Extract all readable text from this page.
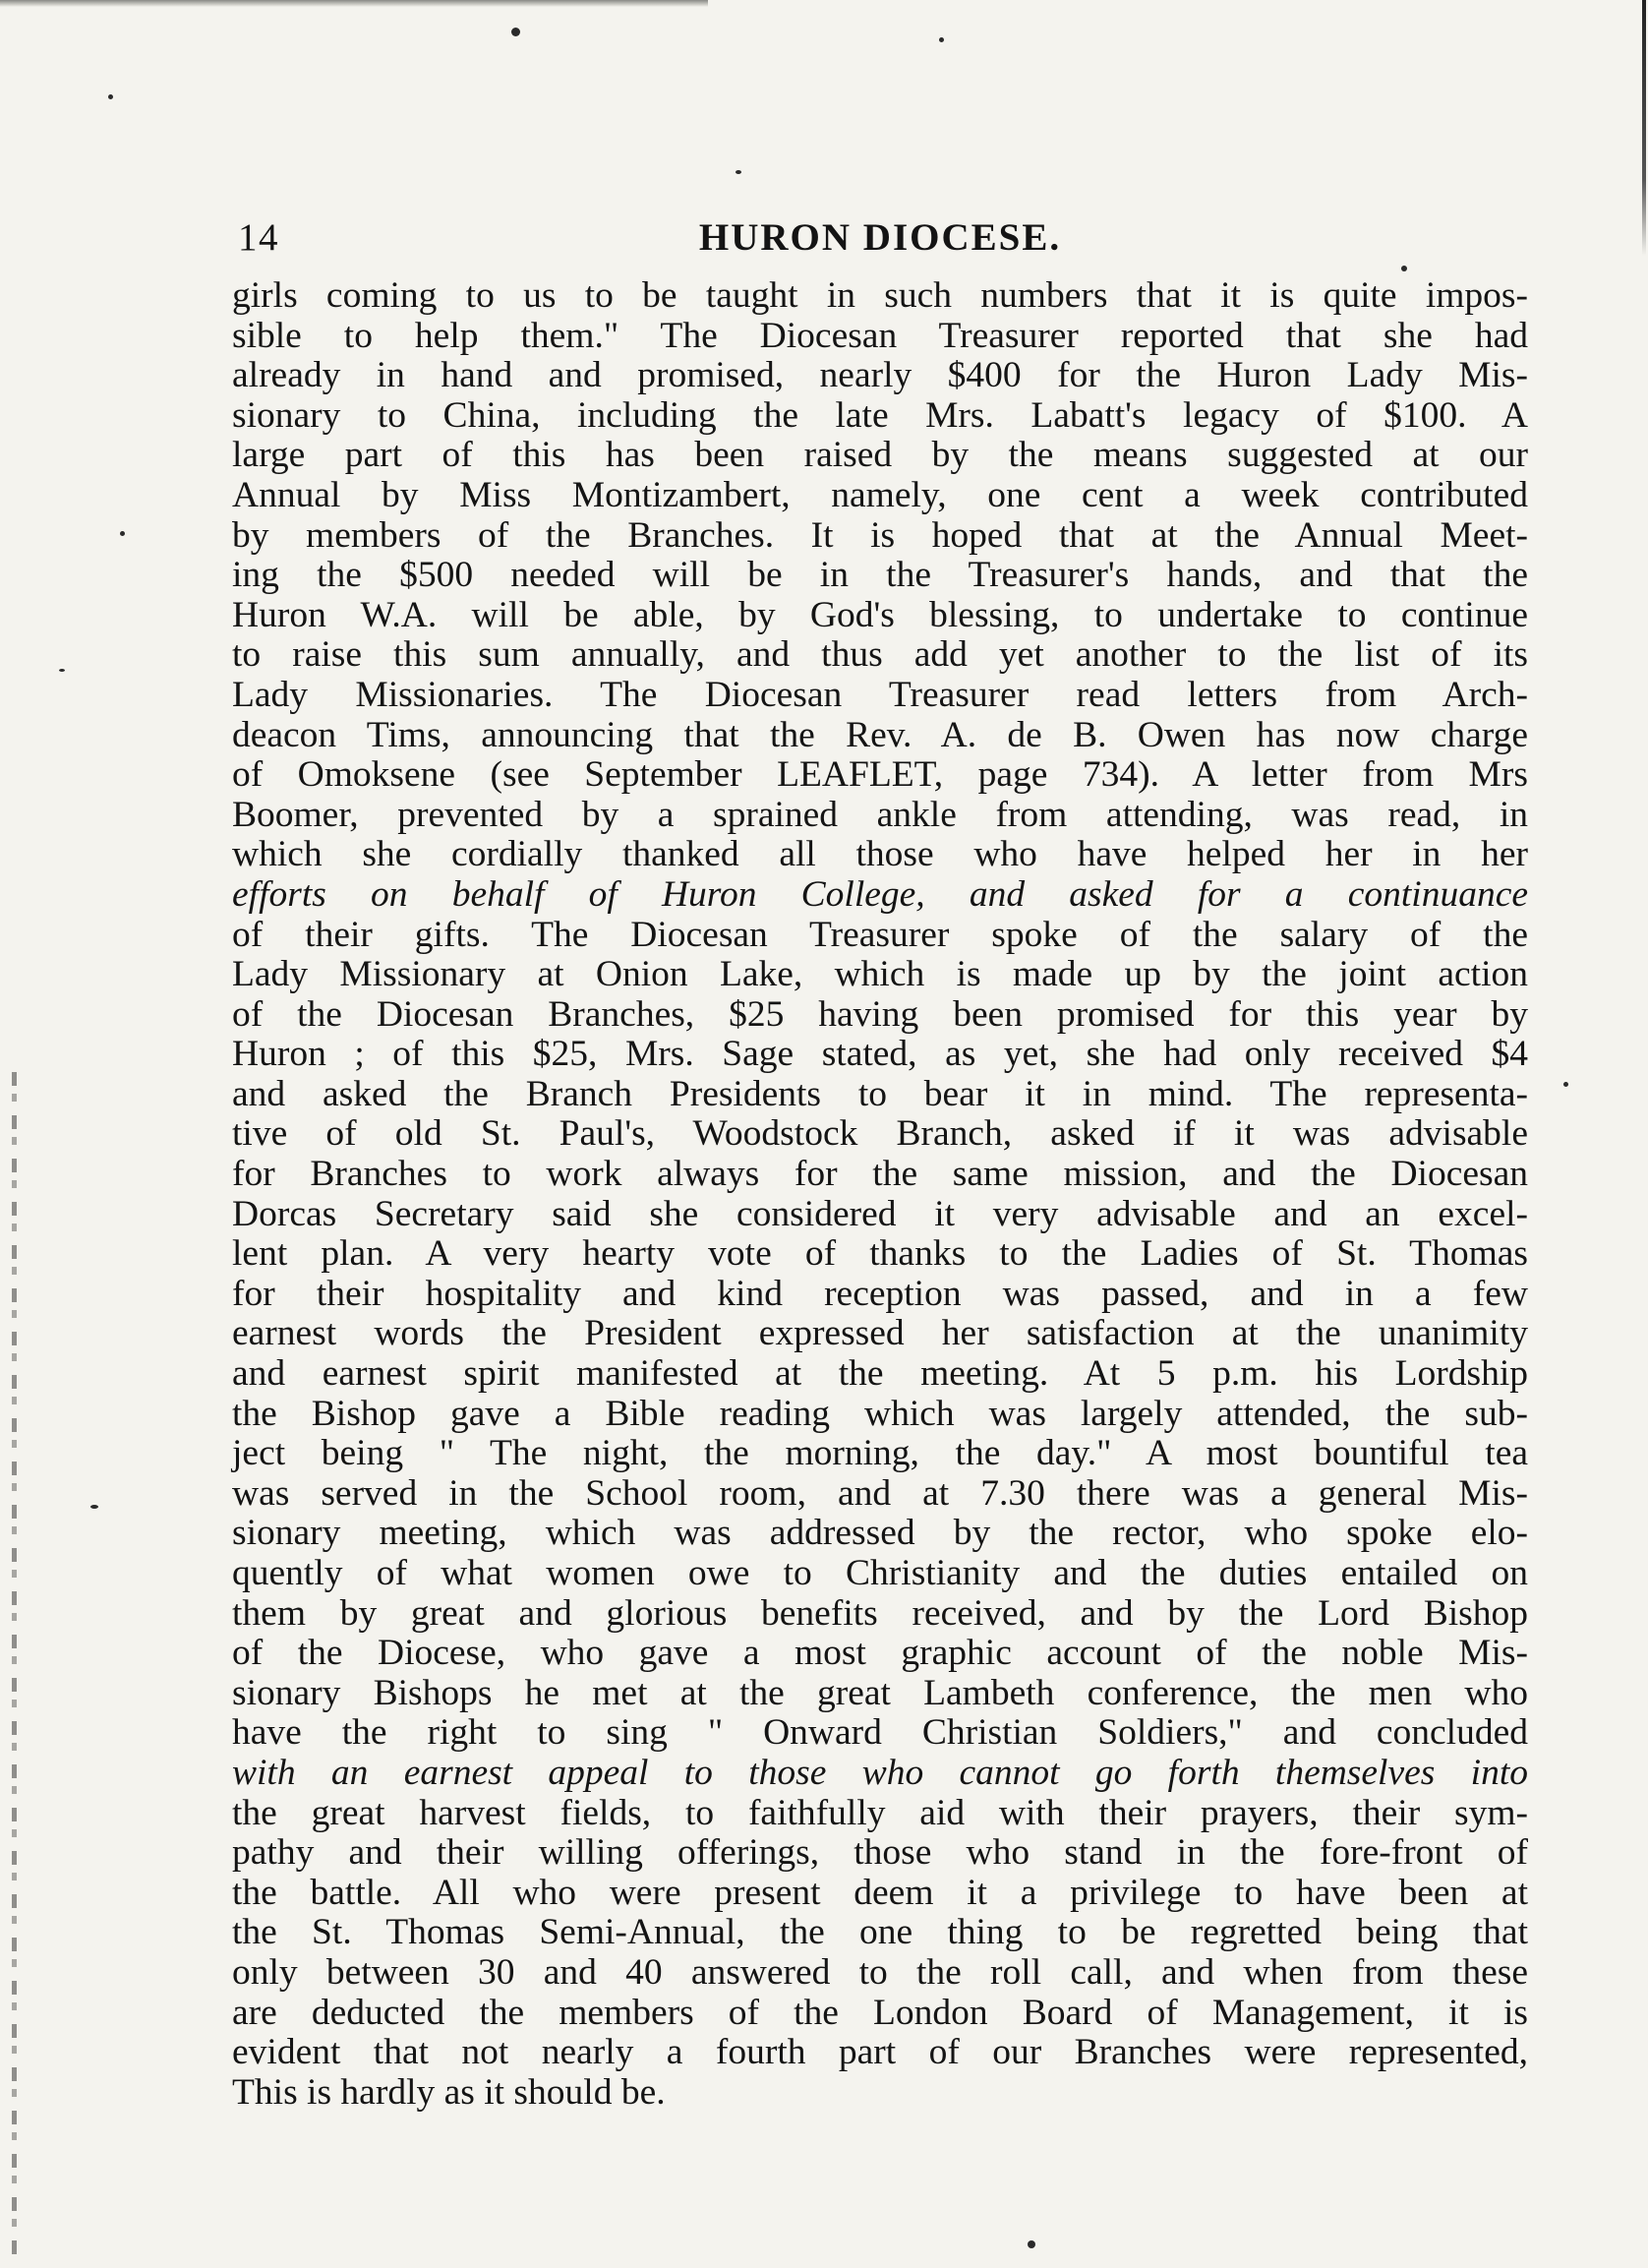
14	HURON DIOCESE.
girls coming to us to be taught in such numbers that it is quite impos-
sible to help them." The Diocesan Treasurer reported that she had
already in hand and promised, nearly $400 for the Huron Lady Mis-
sionary to China, including the late Mrs. Labatt's legacy of $100. A
large part of this has been raised by the means suggested at our
Annual by Miss Montizambert, namely, one cent a week contributed
by members of the Branches. It is hoped that at the Annual Meet-
ing the $500 needed will be in the Treasurer's hands, and that the
Huron W.A. will be able, by God's blessing, to undertake to continue
to raise this sum annually, and thus add yet another to the list of its
Lady Missionaries. The Diocesan Treasurer read letters from Arch-
deacon Tims, announcing that the Rev. A. de B. Owen has now charge
of Omoksene (see September LEAFLET, page 734). A letter from Mrs
Boomer, prevented by a sprained ankle from attending, was read, in
which she cordially thanked all those who have helped her in her
efforts on behalf of Huron College, and asked for a continuance
of their gifts. The Diocesan Treasurer spoke of the salary of the
Lady Missionary at Onion Lake, which is made up by the joint action
of the Diocesan Branches, $25 having been promised for this year by
Huron ; of this $25, Mrs. Sage stated, as yet, she had only received $4
and asked the Branch Presidents to bear it in mind. The representa-
tive of old St. Paul's, Woodstock Branch, asked if it was advisable
for Branches to work always for the same mission, and the Diocesan
Dorcas Secretary said she considered it very advisable and an excel-
lent plan. A very hearty vote of thanks to the Ladies of St. Thomas
for their hospitality and kind reception was passed, and in a few
earnest words the President expressed her satisfaction at the unanimity
and earnest spirit manifested at the meeting. At 5 p.m. his Lordship
the Bishop gave a Bible reading which was largely attended, the sub-
ject being " The night, the morning, the day." A most bountiful tea
was served in the School room, and at 7.30 there was a general Mis-
sionary meeting, which was addressed by the rector, who spoke elo-
quently of what women owe to Christianity and the duties entailed on
them by great and glorious benefits received, and by the Lord Bishop
of the Diocese, who gave a most graphic account of the noble Mis-
sionary Bishops he met at the great Lambeth conference, the men who
have the right to sing " Onward Christian Soldiers," and concluded
with an earnest appeal to those who cannot go forth themselves into
the great harvest fields, to faithfully aid with their prayers, their sym-
pathy and their willing offerings, those who stand in the fore-front of
the battle. All who were present deem it a privilege to have been at
the St. Thomas Semi-Annual, the one thing to be regretted being that
only between 30 and 40 answered to the roll call, and when from these
are deducted the members of the London Board of Management, it is
evident that not nearly a fourth part of our Branches were represented,
This is hardly as it should be.
